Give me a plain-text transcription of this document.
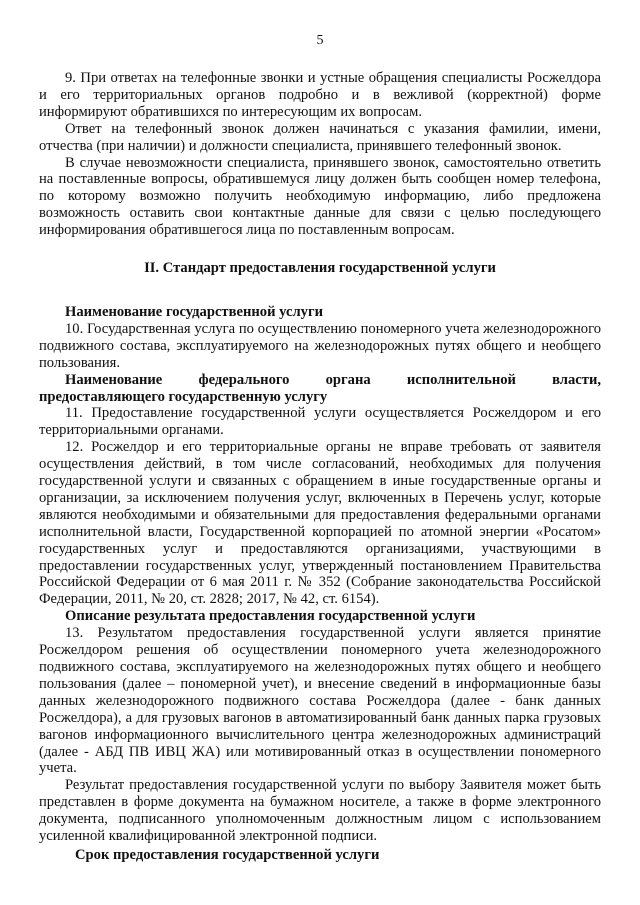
5

9. При ответах на телефонные звонки и устные обращения специалисты Росжелдора и его территориальных органов подробно и в вежливой (корректной) форме информируют обратившихся по интересующим их вопросам.

Ответ на телефонный звонок должен начинаться с указания фамилии, имени, отчества (при наличии) и должности специалиста, принявшего телефонный звонок.

В случае невозможности специалиста, принявшего звонок, самостоятельно ответить на поставленные вопросы, обратившемуся лицу должен быть сообщен номер телефона, по которому возможно получить необходимую информацию, либо предложена возможность оставить свои контактные данные для связи с целью последующего информирования обратившегося лица по поставленным вопросам.

II. Стандарт предоставления государственной услуги

Наименование государственной услуги

10. Государственная услуга по осуществлению пономерного учета железнодорожного подвижного состава, эксплуатируемого на железнодорожных путях общего и необщего пользования.

Наименование федерального органа исполнительной власти,

предоставляющего государственную услугу

11. Предоставление государственной услуги осуществляется Росжелдором и его территориальными органами.

12. Росжелдор и его территориальные органы не вправе требовать от заявителя осуществления действий, в том числе согласований, необходимых для получения государственной услуги и связанных с обращением в иные государственные органы и организации, за исключением получения услуг, включенных в Перечень услуг, которые являются необходимыми и обязательными для предоставления федеральными органами исполнительной власти, Государственной корпорацией по атомной энергии «Росатом» государственных услуг и предоставляются организациями, участвующими в предоставлении государственных услуг, утвержденный постановлением Правительства Российской Федерации от 6 мая 2011 г. № 352 (Собрание законодательства Российской Федерации, 2011, № 20, ст. 2828; 2017, № 42, ст. 6154).

Описание результата предоставления государственной услуги

13. Результатом предоставления государственной услуги является принятие Росжелдором решения об осуществлении пономерного учета железнодорожного подвижного состава, эксплуатируемого на железнодорожных путях общего и необщего пользования (далее – пономерной учет), и внесение сведений в информационные базы данных железнодорожного подвижного состава Росжелдора (далее - банк данных Росжелдора), а для грузовых вагонов в автоматизированный банк данных парка грузовых вагонов информационного вычислительного центра железнодорожных администраций (далее - АБД ПВ ИВЦ ЖА) или мотивированный отказ в осуществлении пономерного учета.

Результат предоставления государственной услуги по выбору Заявителя может быть представлен в форме документа на бумажном носителе, а также в форме электронного документа, подписанного уполномоченным должностным лицом с использованием усиленной квалифицированной электронной подписи.

Срок предоставления государственной услуги
